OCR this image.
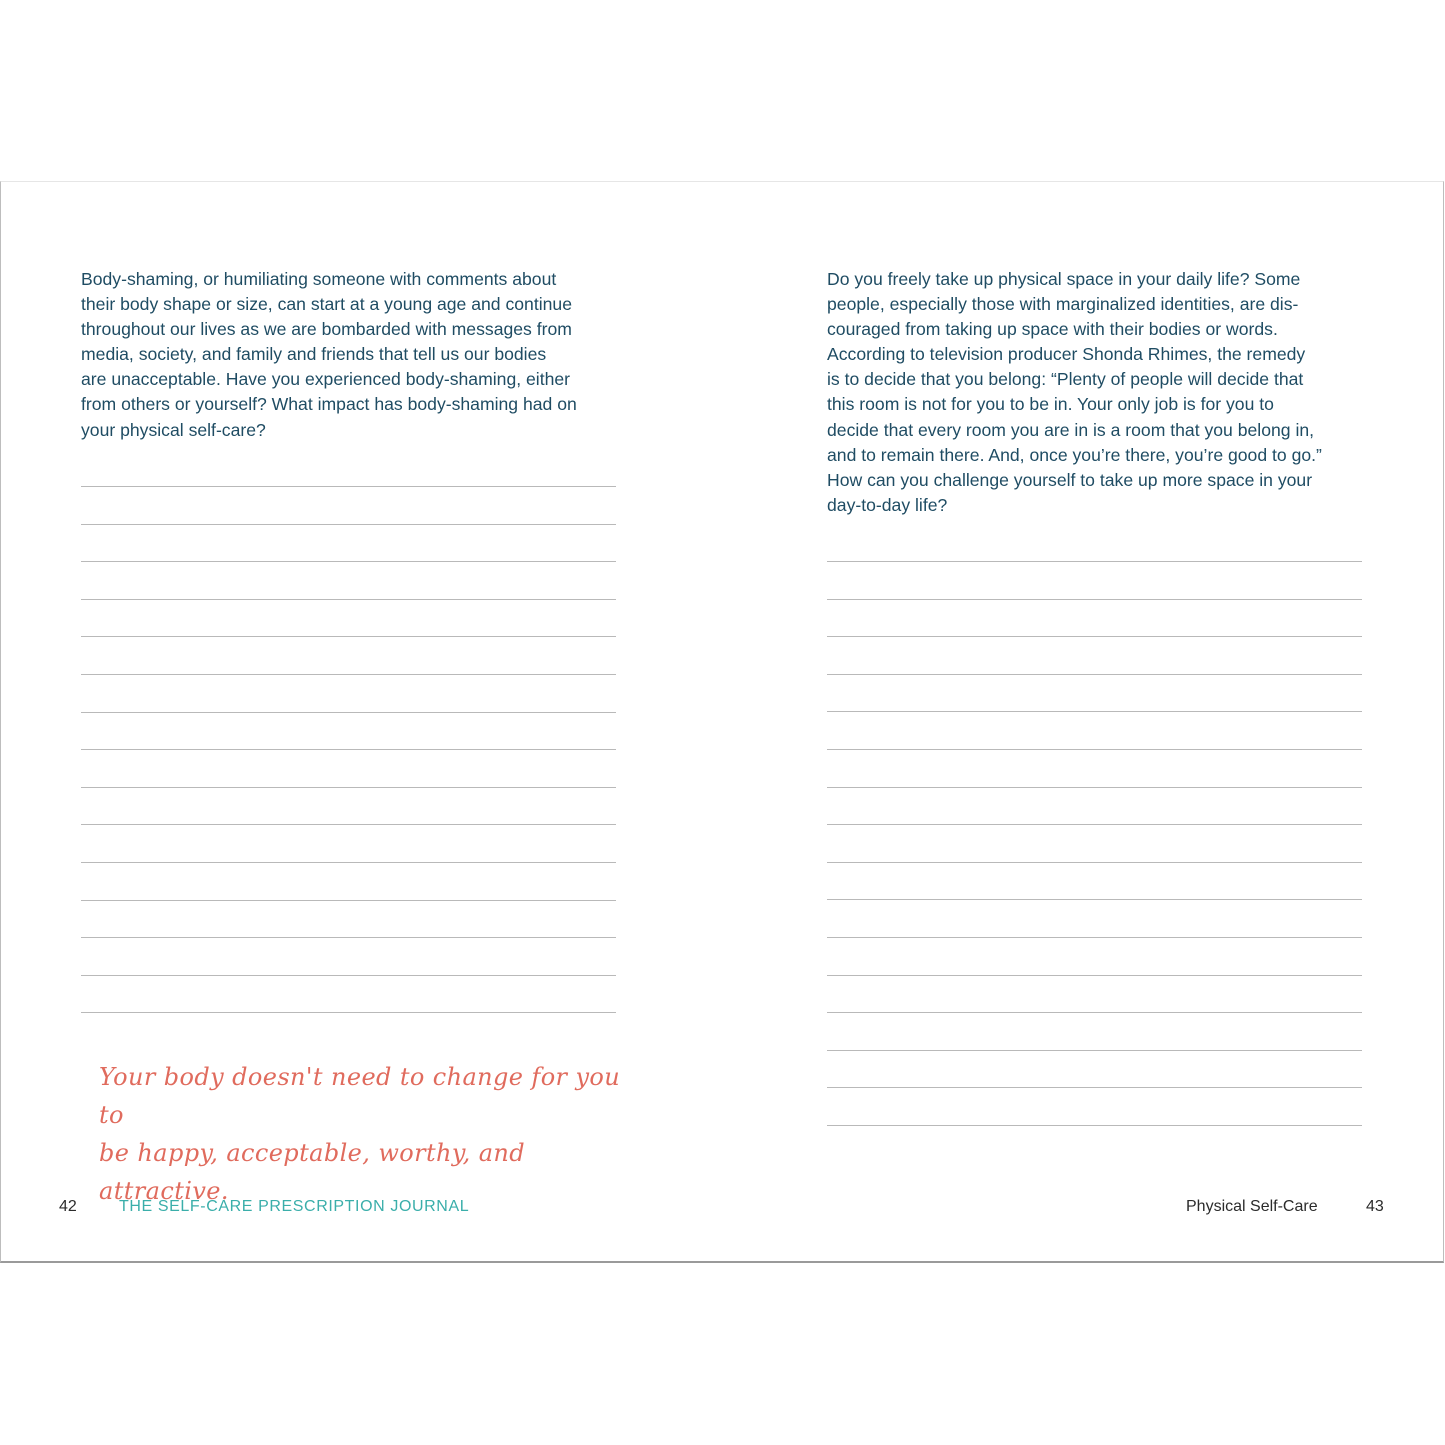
Body-shaming, or humiliating someone with comments about
their body shape or size, can start at a young age and continue
throughout our lives as we are bombarded with messages from
media, society, and family and friends that tell us our bodies
are unacceptable. Have you experienced body-shaming, either
from others or yourself? What impact has body-shaming had on
your physical self-care?

Your body doesn't need to change for you to
be happy, acceptable, worthy, and attractive.

Do you freely take up physical space in your daily life? Some
people, especially those with marginalized identities, are dis-
couraged from taking up space with their bodies or words.
According to television producer Shonda Rhimes, the remedy
is to decide that you belong: “Plenty of people will decide that
this room is not for you to be in. Your only job is for you to
decide that every room you are in is a room that you belong in,
and to remain there. And, once you’re there, you’re good to go.”
How can you challenge yourself to take up more space in your
day-to-day life?

42	THE SELF-CARE PRESCRIPTION JOURNAL	Physical Self-Care	43
